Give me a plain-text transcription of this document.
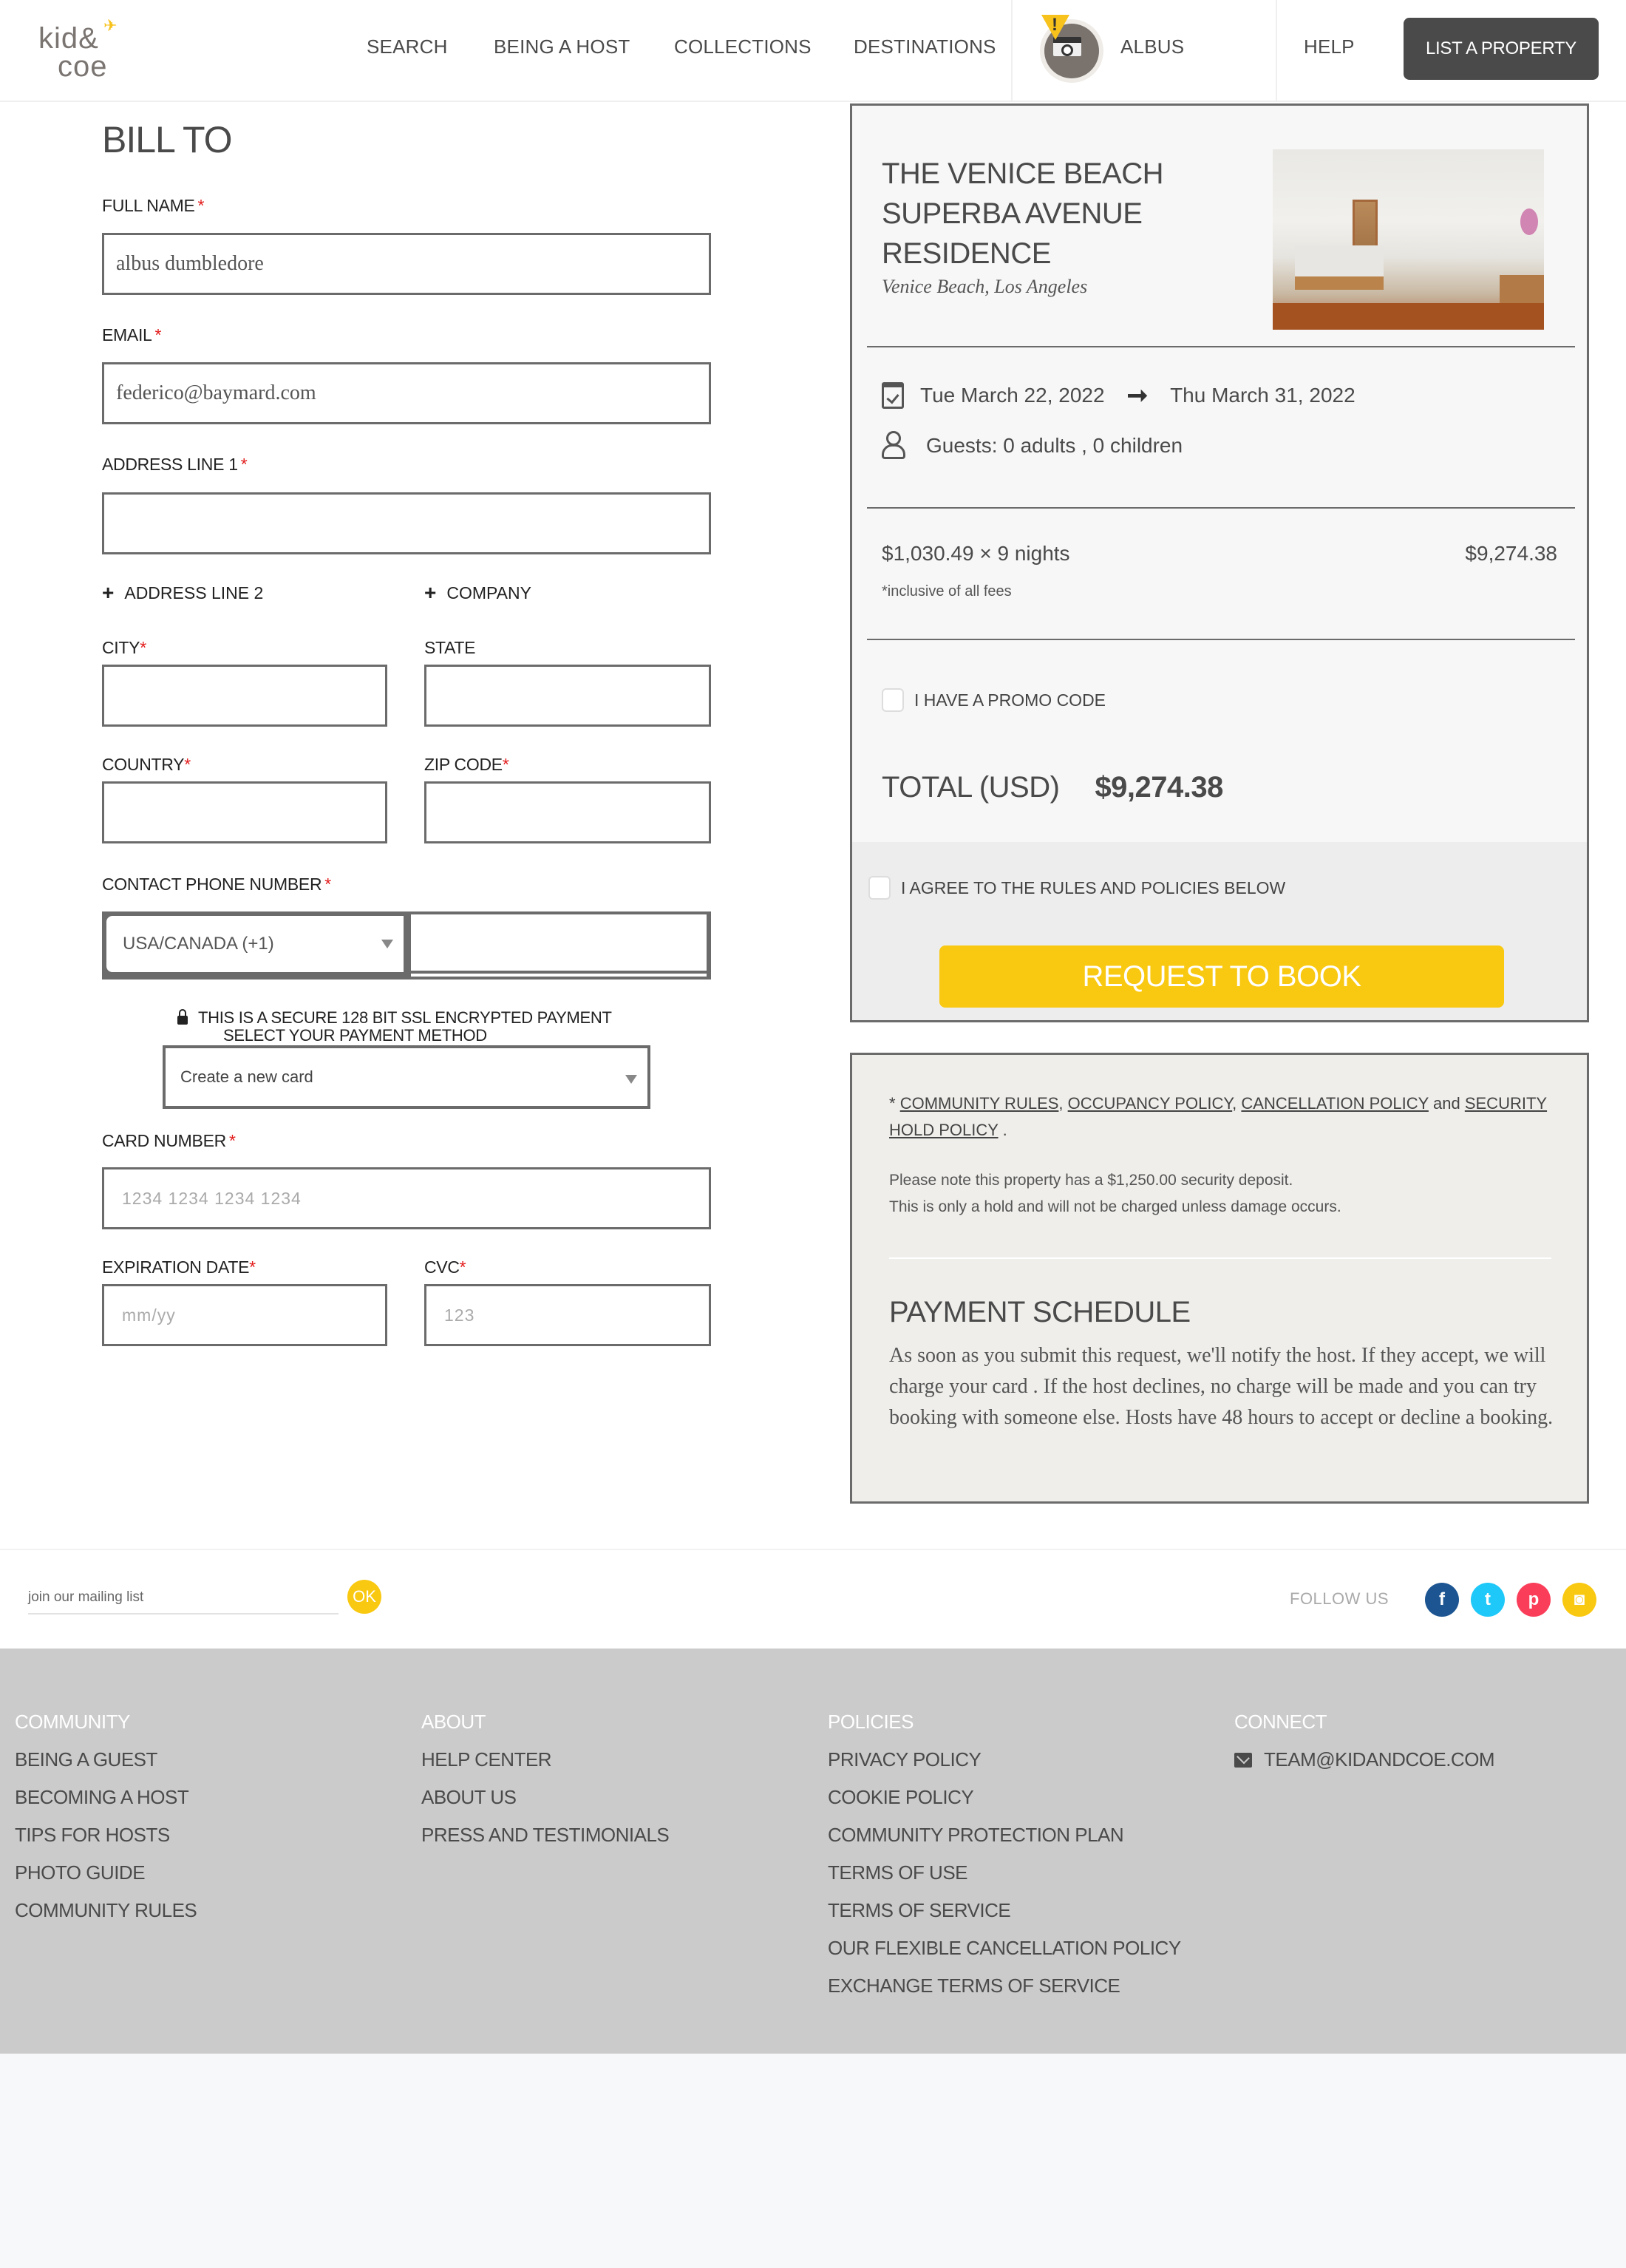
kid&
coe
✈
SEARCH BEING A HOST COLLECTIONS DESTINATIONS
!
ALBUS	HELP	LIST A PROPERTY
BILL TO
FULL NAME *
albus dumbledore
EMAIL *
federico@baymard.com
ADDRESS LINE 1 *
+ ADDRESS LINE 2	+ COMPANY
CITY*	STATE
COUNTRY*	ZIP CODE*
CONTACT PHONE NUMBER *
USA/CANADA (+1)
THIS IS A SECURE 128 BIT SSL ENCRYPTED PAYMENT
SELECT YOUR PAYMENT METHOD
Create a new card
CARD NUMBER *
1234 1234 1234 1234
EXPIRATION DATE*
mm/yy
CVC*
123
THE VENICE BEACH SUPERBA AVENUE RESIDENCE
Venice Beach, Los Angeles
Tue March 22, 2022 ➞ Thu March 31, 2022
Guests: 0 adults , 0 children
$1,030.49 × 9 nights	$9,274.38
*inclusive of all fees
I HAVE A PROMO CODE
TOTAL (USD) $9,274.38
I AGREE TO THE RULES AND POLICIES BELOW
REQUEST TO BOOK
* COMMUNITY RULES, OCCUPANCY POLICY, CANCELLATION POLICY and SECURITY HOLD POLICY .
Please note this property has a $1,250.00 security deposit.
This is only a hold and will not be charged unless damage occurs.
PAYMENT SCHEDULE
As soon as you submit this request, we'll notify the host. If they accept, we will charge your card . If the host declines, no charge will be made and you can try booking with someone else. Hosts have 48 hours to accept or decline a booking.
join our mailing list	OK	FOLLOW US	f	t	p	◙
COMMUNITY
BEING A GUEST
BECOMING A HOST
TIPS FOR HOSTS
PHOTO GUIDE
COMMUNITY RULES
ABOUT
HELP CENTER
ABOUT US
PRESS AND TESTIMONIALS
POLICIES
PRIVACY POLICY
COOKIE POLICY
COMMUNITY PROTECTION PLAN
TERMS OF USE
TERMS OF SERVICE
OUR FLEXIBLE CANCELLATION POLICY
EXCHANGE TERMS OF SERVICE
CONNECT
TEAM@KIDANDCOE.COM
